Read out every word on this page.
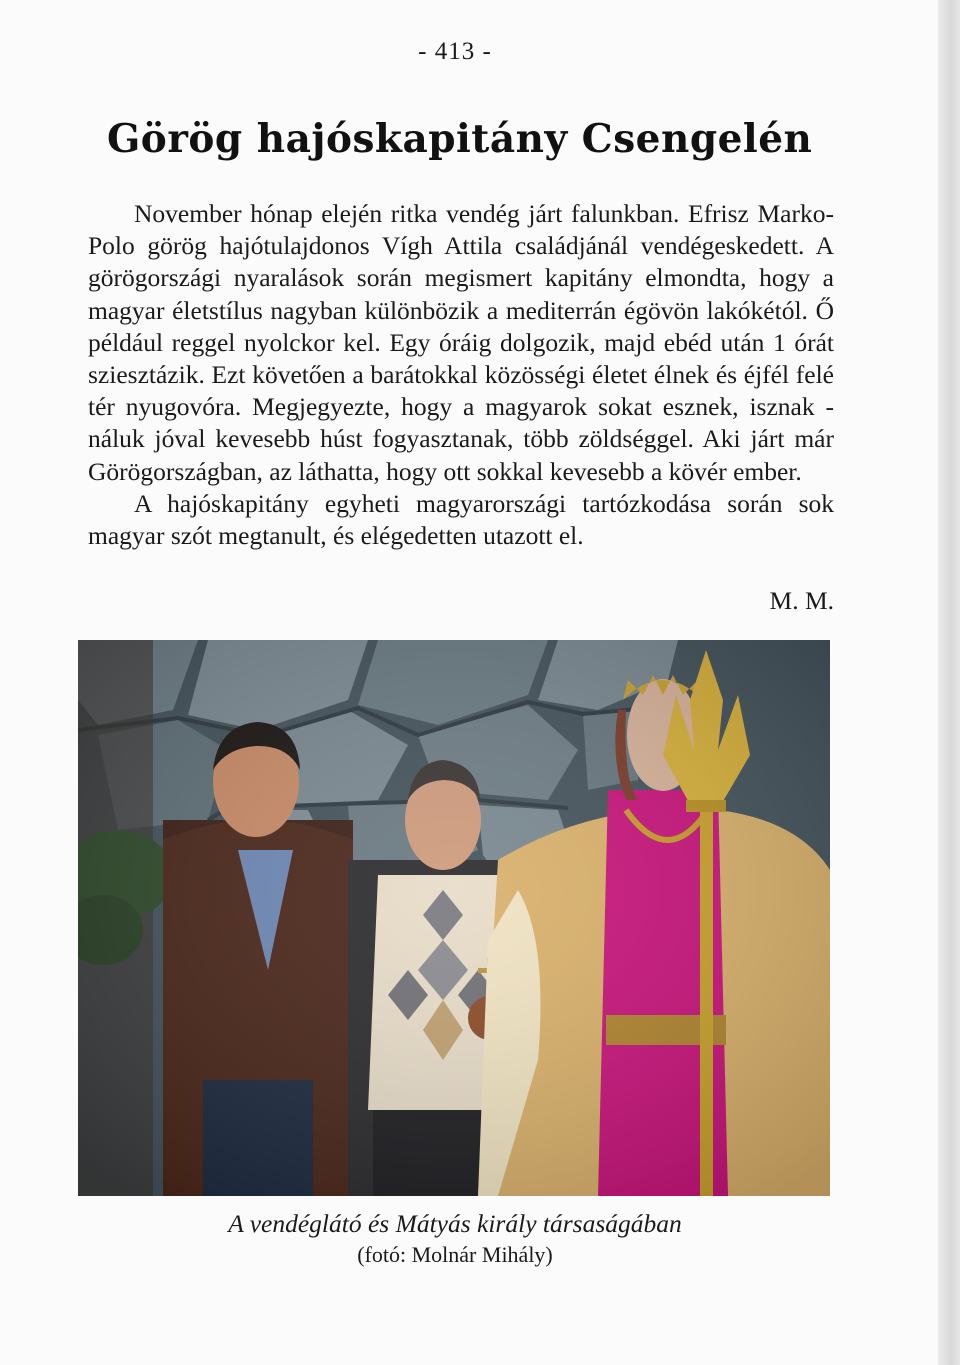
- 413 -
Görög hajóskapitány Csengelén

November hónap elején ritka vendég járt falunkban. Efrisz Marko-Polo görög hajótulajdonos Vígh Attila családjánál vendégeskedett. A görögországi nyaralások során megismert kapitány elmondta, hogy a magyar életstílus nagyban különbözik a mediterrán égövön lakókétól. Ő például reggel nyolckor kel. Egy óráig dolgozik, majd ebéd után 1 órát sziesztázik. Ezt követően a barátokkal közösségi életet élnek és éjfél felé tér nyugovóra. Megjegyezte, hogy a magyarok sokat esznek, isznak - náluk jóval kevesebb húst fogyasztanak, több zöldséggel. Aki járt már Görögországban, az láthatta, hogy ott sokkal kevesebb a kövér ember.

A hajóskapitány egyheti magyarországi tartózkodása során sok magyar szót megtanult, és elégedetten utazott el.

M. M.
A vendéglátó és Mátyás király társaságában
(fotó: Molnár Mihály)
